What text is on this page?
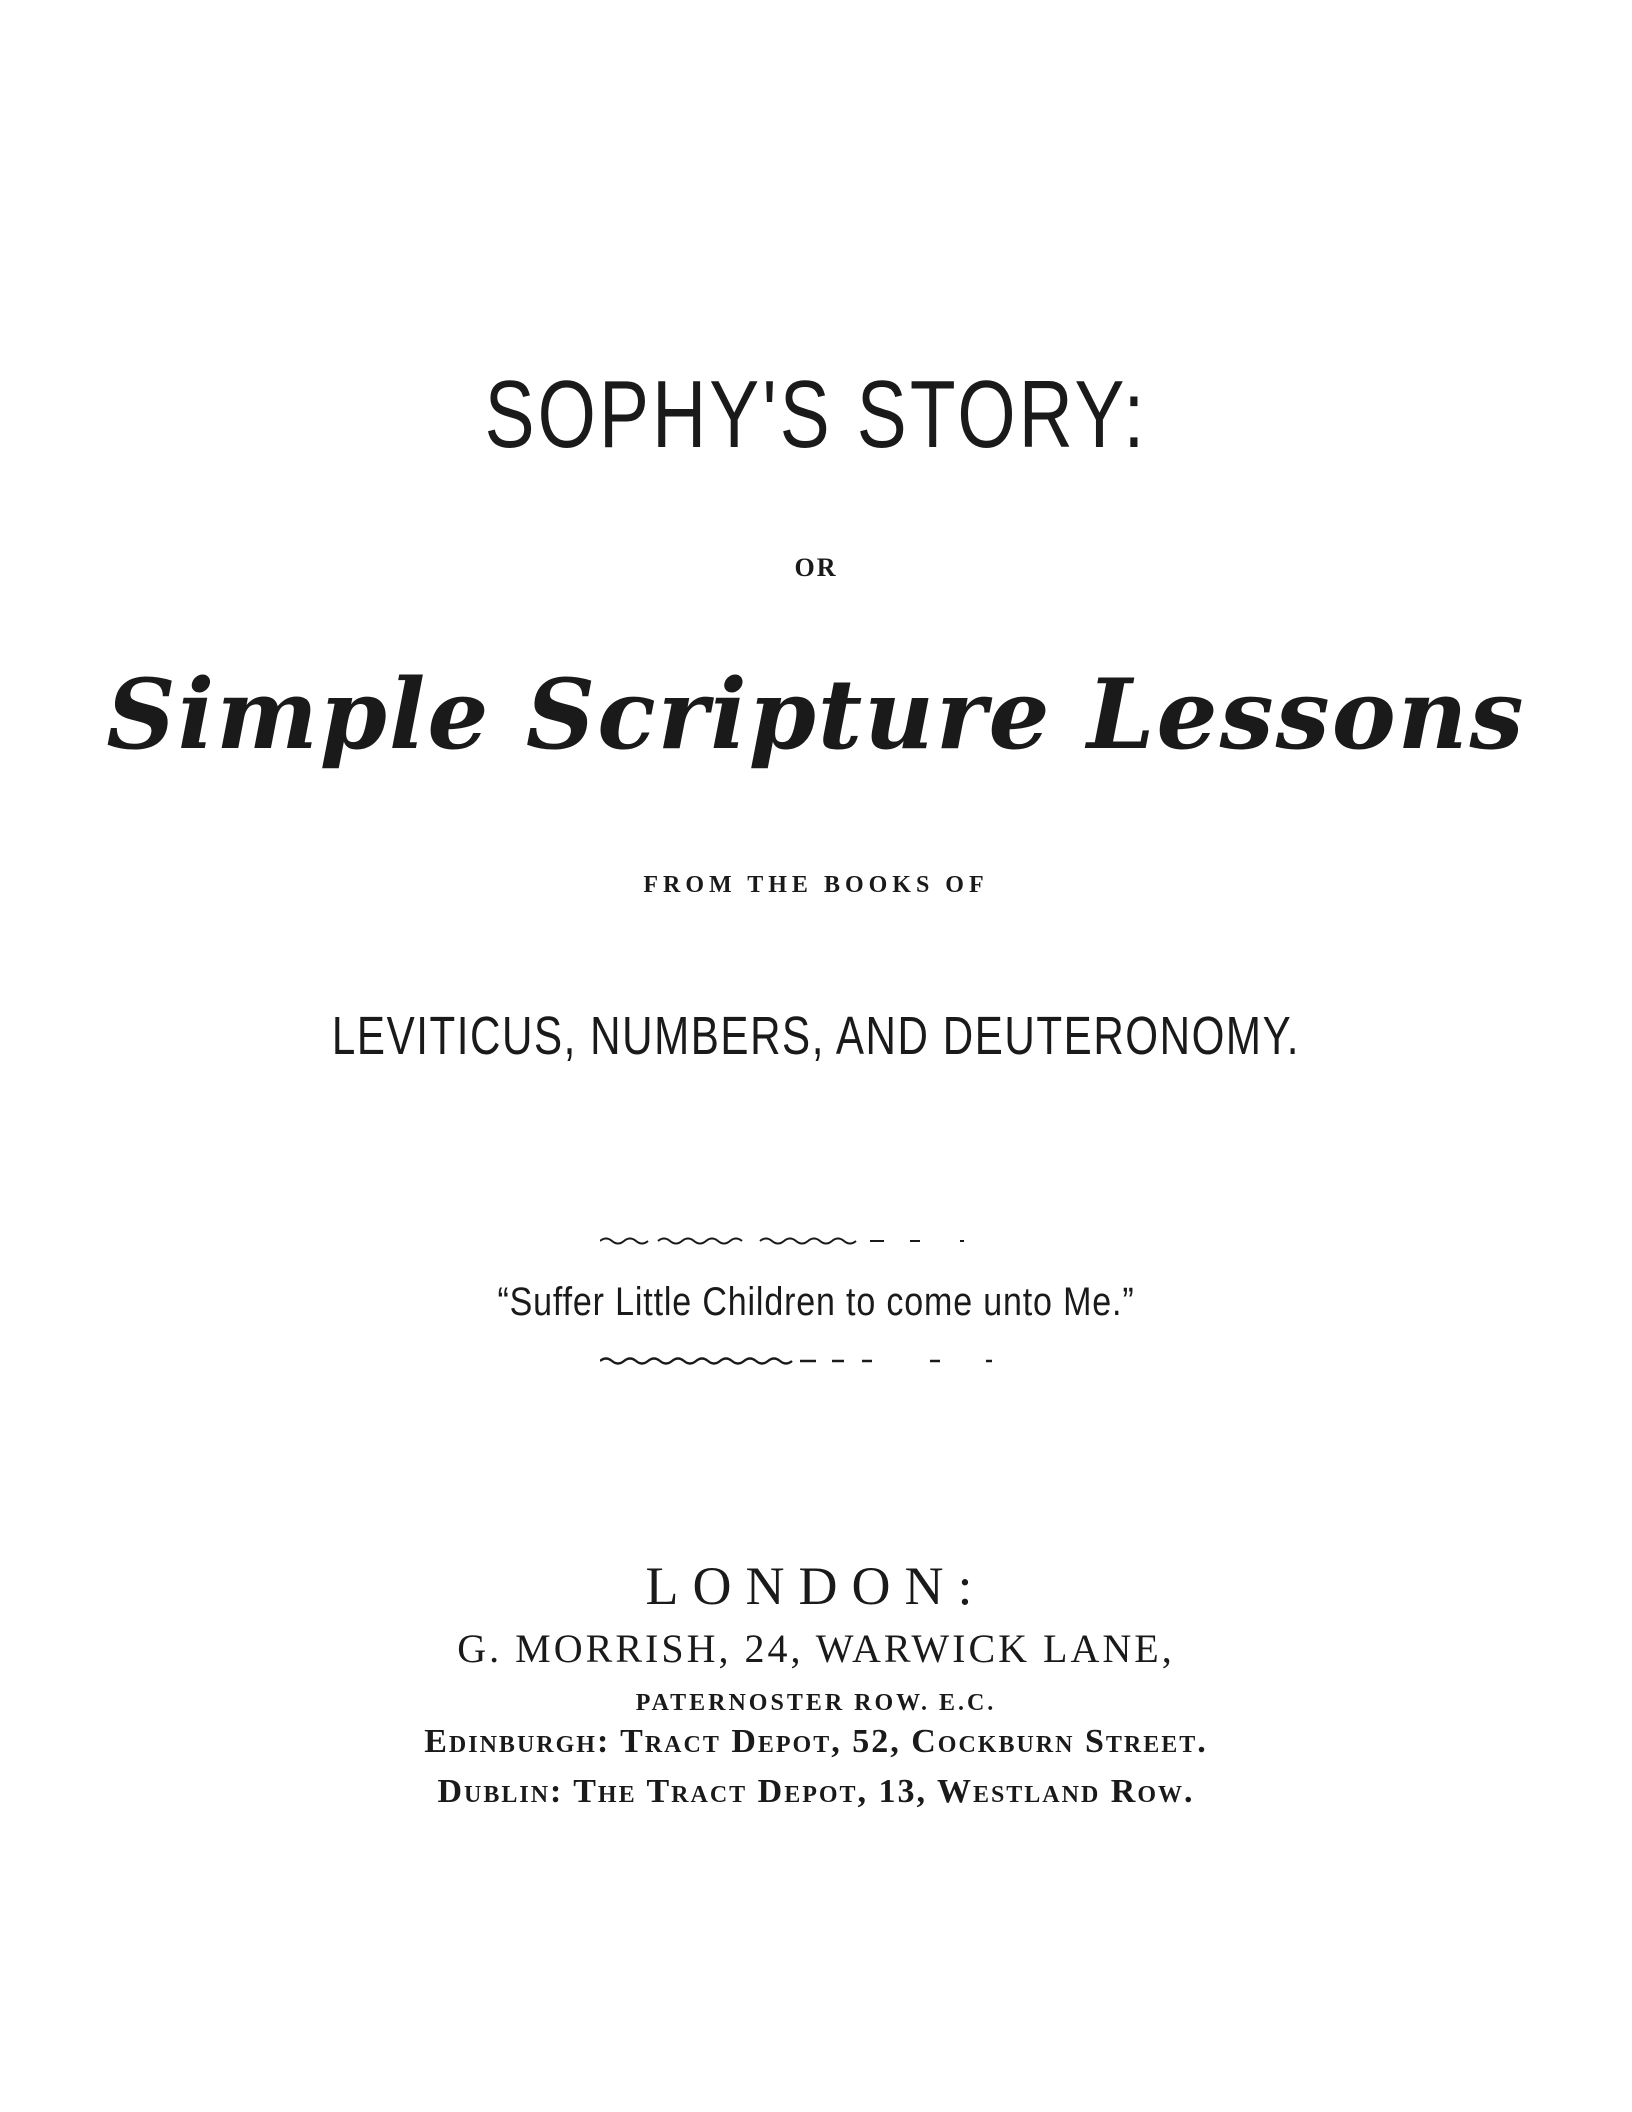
SOPHY'S STORY:
OR
Simple Scripture Lessons
FROM THE BOOKS OF
LEVITICUS, NUMBERS, AND DEUTERONOMY.
“Suffer Little Children to come unto Me.”
LONDON:
G. MORRISH, 24, WARWICK LANE,
PATERNOSTER ROW. E.C.
Edinburgh: Tract Depot, 52, Cockburn Street.
Dublin: The Tract Depot, 13, Westland Row.
